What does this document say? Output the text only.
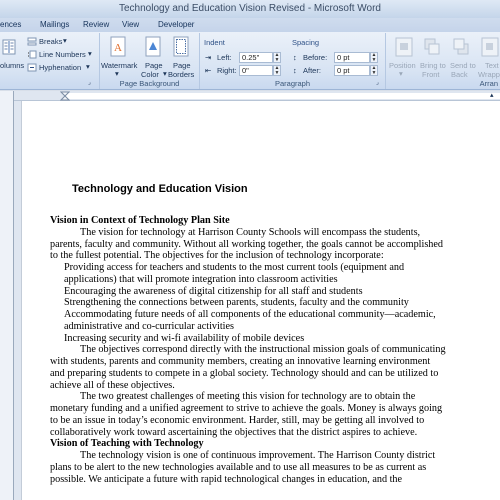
Technology and Education Vision Revised - Microsoft Word
ences Mailings Review View Developer
olumns
Breaks ▾
Line Numbers ▾
Hyphenation ▾
⌟
A
Watermark
▾
Page
Color ▾
Page
Borders
Page Background
Indent
⇥ Left:	0.25"	▲
▼
⇤ Right: 0"	▲
▼
Spacing
↕ Before:	0 pt	▲
▼
↕ After:	0 pt	▲
▼
Paragraph	⌟
Position
▾
Bring to
Front
Send to
Back
Text
Wrapp
Arran
▴
Technology and Education Vision
Vision in Context of Technology Plan Site
The vision for technology at Harrison County Schools will encompass the students,
parents, faculty and community. Without all working together, the goals cannot be accomplished
to the fullest potential. The objectives for the inclusion of technology incorporate:
Providing access for teachers and students to the most current tools (equipment and
applications) that will promote integration into classroom activities
Encouraging the awareness of digital citizenship for all staff and students
Strengthening the connections between parents, students, faculty and the community
Accommodating future needs of all components of the educational community—academic,
administrative and co-curricular activities
Increasing security and wi-fi availability of mobile devices
The objectives correspond directly with the instructional mission goals of communicating
with students, parents and community members, creating an innovative learning environment
and preparing students to compete in a global society. Technology should and can be utilized to
achieve all of these objectives.
The two greatest challenges of meeting this vision for technology are to obtain the
monetary funding and a unified agreement to strive to achieve the goals. Money is always going
to be an issue in today’s economic environment. Harder, still, may be getting all involved to
collaboratively work toward ascertaining the objectives that the district aspires to achieve.
Vision of Teaching with Technology
The technology vision is one of continuous improvement. The Harrison County district
plans to be alert to the new technologies available and to use all measures to be as current as
possible. We anticipate a future with rapid technological changes in education, and the
